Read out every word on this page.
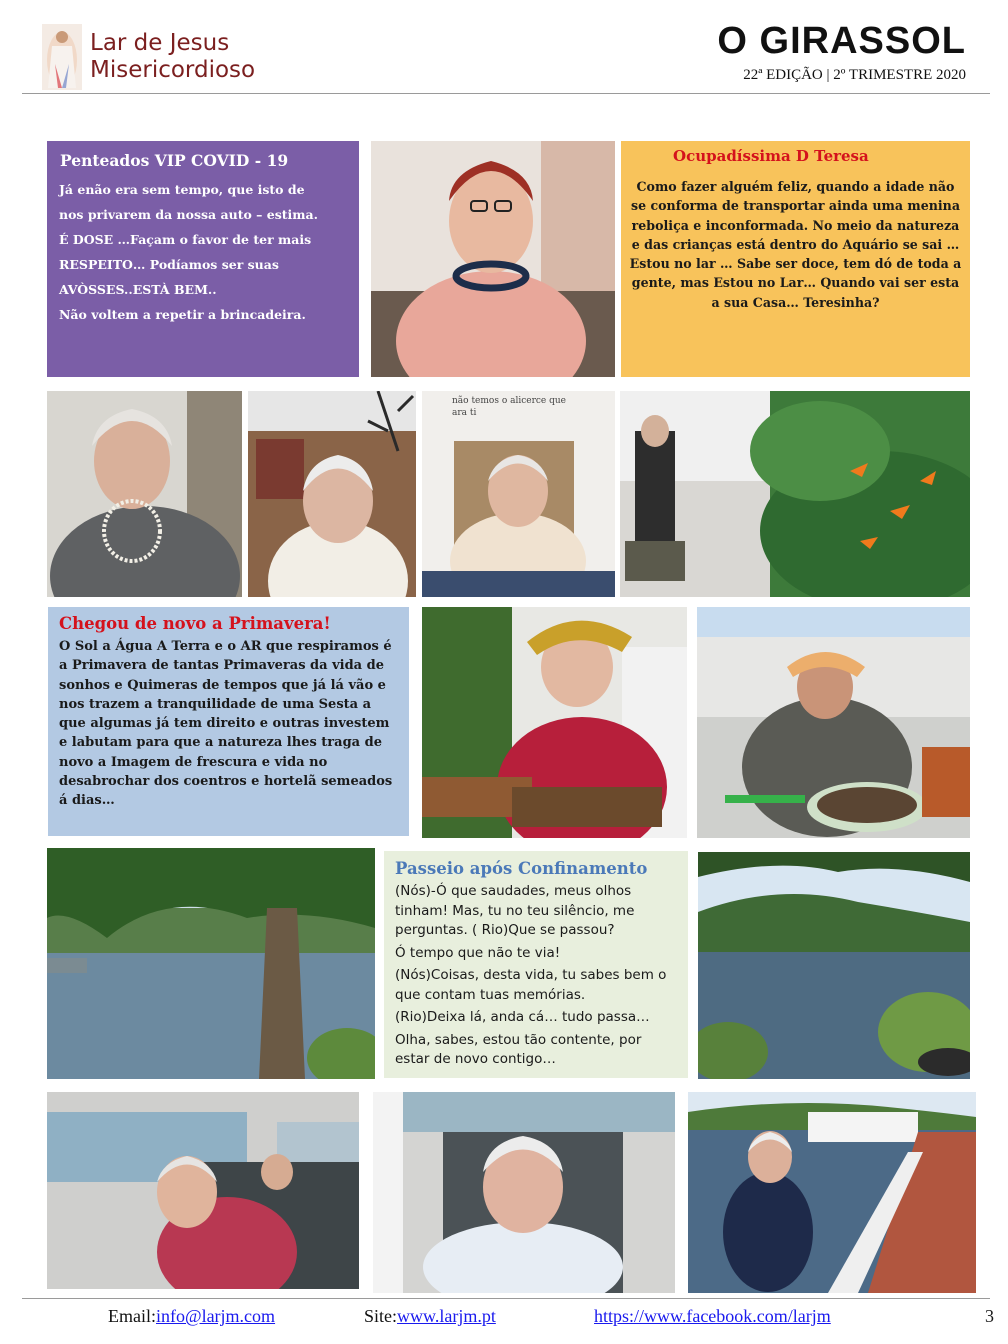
Lar de Jesus
Misericordioso
O GIRASSOL
22ª EDIÇÃO | 2º TRIMESTRE 2020
Penteados VIP COVID - 19

Já enão era sem tempo, que isto de

nos privarem da nossa auto – estima.

É DOSE …Façam o favor de ter mais

RESPEITO… Podíamos ser suas

AVÒSSES..ESTÀ BEM..

Não voltem a repetir a brincadeira.

Ocupadíssima D Teresa

Como fazer alguém feliz, quando a idade não se conforma de transportar ainda uma menina reboliça e inconformada. No meio da natureza e das crianças está dentro do Aquário se sai … Estou no lar … Sabe ser doce, tem dó de toda a gente, mas Estou no Lar… Quando vai ser esta a sua Casa… Teresinha?

não temos o alicerce que
ara ti
Chegou de novo a Primavera!

O Sol a Água A Terra e o AR que respiramos é a Primavera de tantas Primaveras da vida de sonhos e Quimeras de tempos que já lá vão e nos trazem a tranquilidade de uma Sesta a que algumas já tem direito e outras investem e labutam para que a natureza lhes traga de novo a Imagem de frescura e vida no desabrochar dos coentros e hortelã semeados á dias…

Passeio após Confinamento

(Nós)-Ó que saudades, meus olhos tinham! Mas, tu no teu silêncio, me perguntas. ( Rio)Que se passou?

Ó tempo que não te via!

(Nós)Coisas, desta vida, tu sabes bem o que contam tuas memórias.

(Rio)Deixa lá, anda cá… tudo passa…

Olha, sabes, estou tão contente, por estar de novo contigo…

Email:info@larjm.com	Site:www.larjm.pt	https://www.facebook.com/larjm	3
